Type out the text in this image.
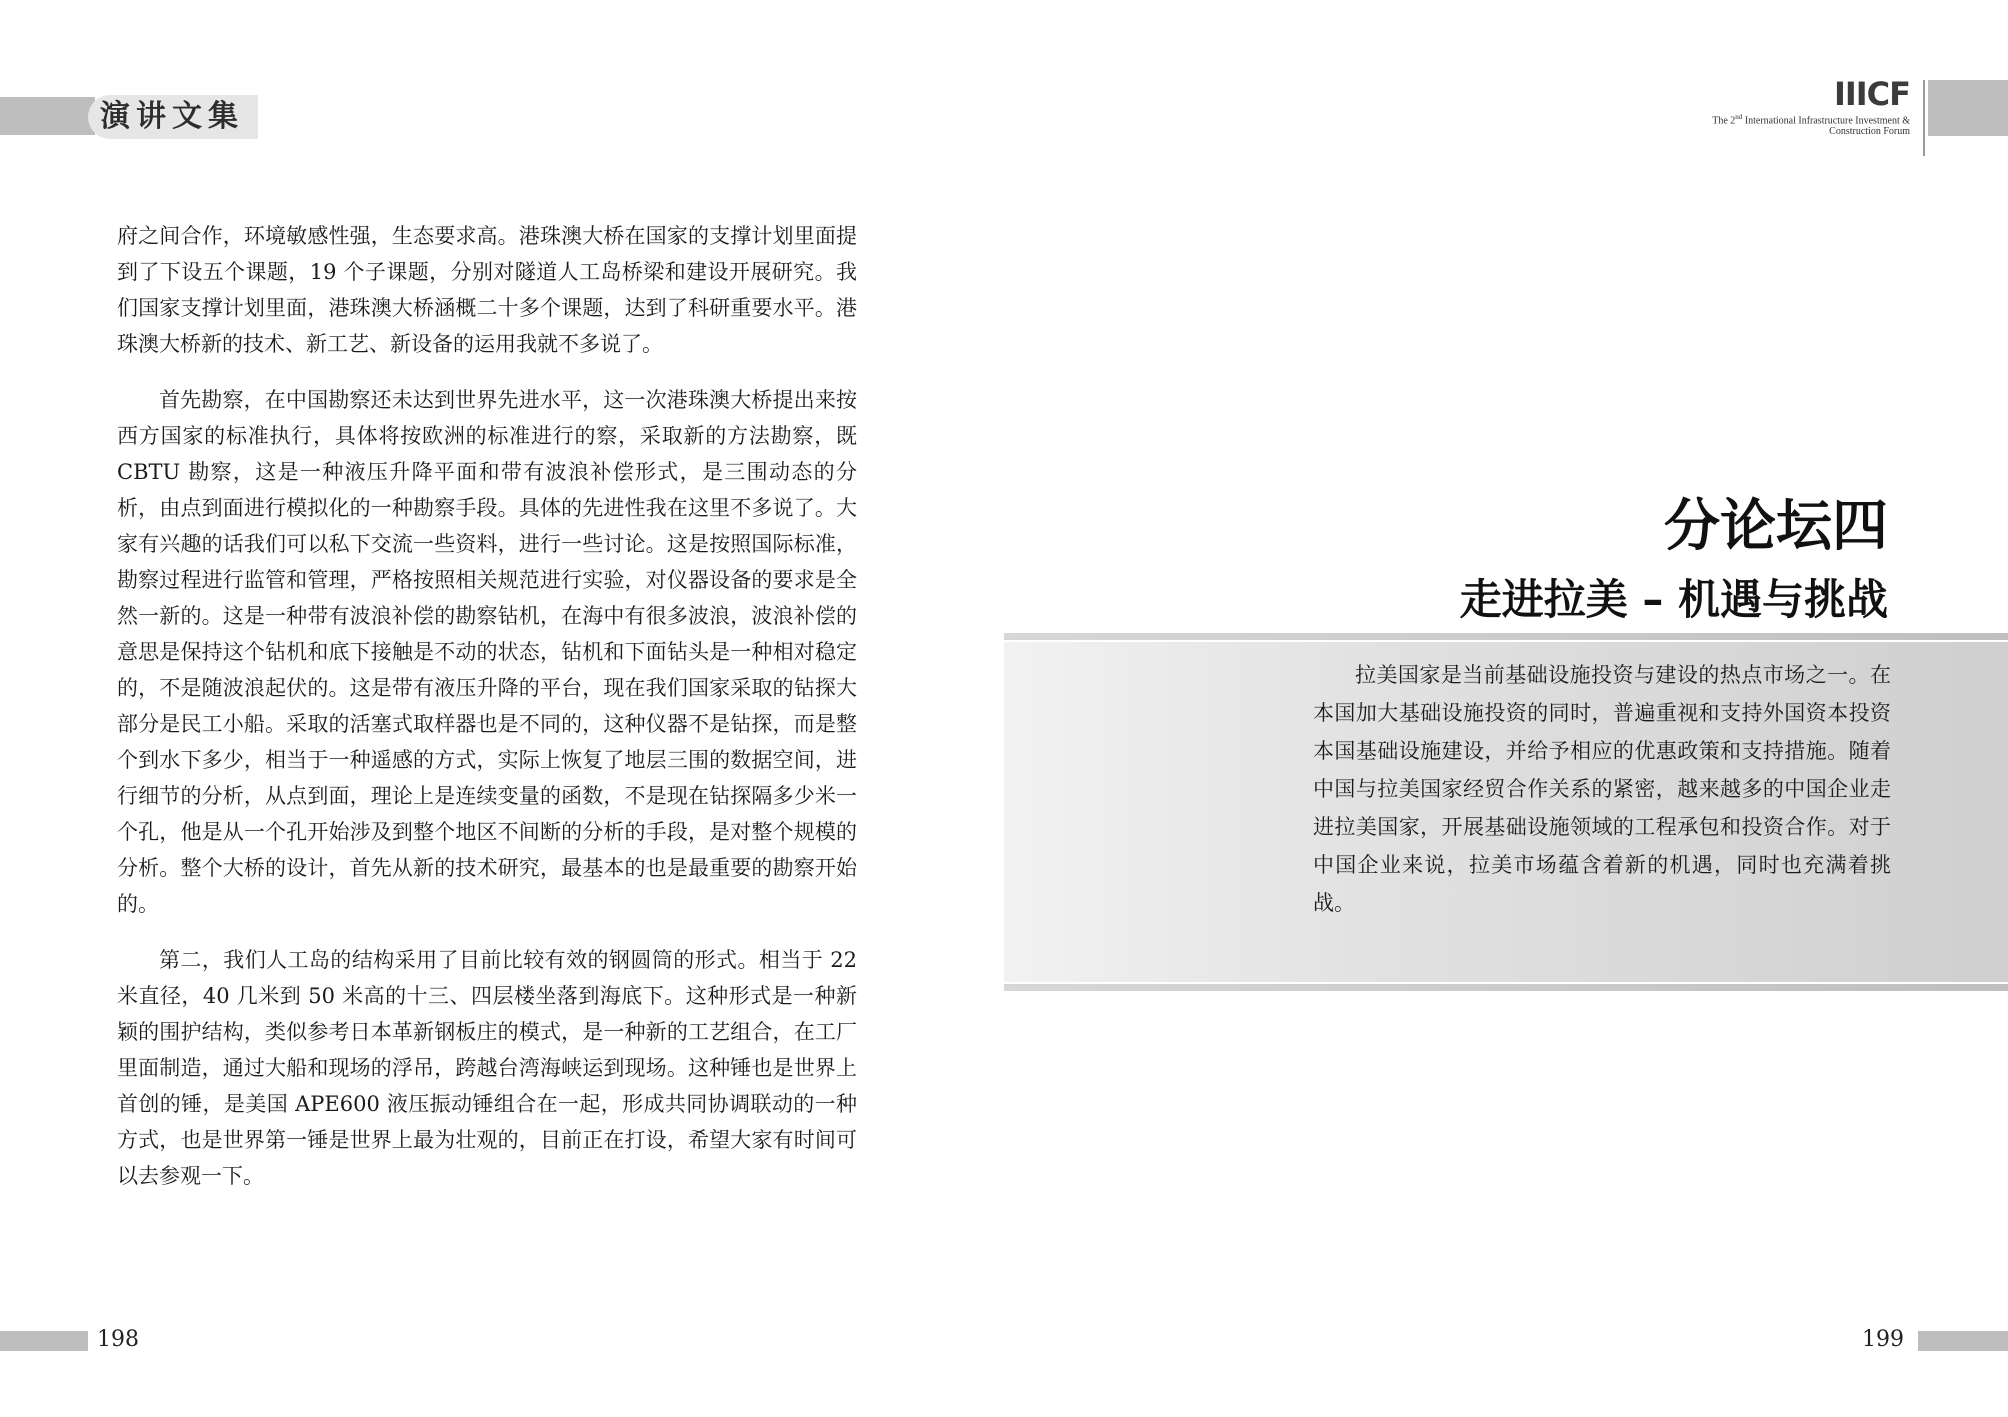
演讲文集
IIICF
The 2nd International Infrastructure Investment &
Construction Forum

府之间合作，环境敏感性强，生态要求高。港珠澳大桥在国家的支撑计划里面提到了下设五个课题，19 个子课题，分别对隧道人工岛桥梁和建设开展研究。我们国家支撑计划里面，港珠澳大桥涵概二十多个课题，达到了科研重要水平。港珠澳大桥新的技术、新工艺、新设备的运用我就不多说了。

首先勘察，在中国勘察还未达到世界先进水平，这一次港珠澳大桥提出来按西方国家的标准执行，具体将按欧洲的标准进行的察，采取新的方法勘察，既 CBTU 勘察，这是一种液压升降平面和带有波浪补偿形式，是三围动态的分析，由点到面进行模拟化的一种勘察手段。具体的先进性我在这里不多说了。大家有兴趣的话我们可以私下交流一些资料，进行一些讨论。这是按照国际标准，勘察过程进行监管和管理，严格按照相关规范进行实验，对仪器设备的要求是全然一新的。这是一种带有波浪补偿的勘察钻机，在海中有很多波浪，波浪补偿的意思是保持这个钻机和底下接触是不动的状态，钻机和下面钻头是一种相对稳定的，不是随波浪起伏的。这是带有液压升降的平台，现在我们国家采取的钻探大部分是民工小船。采取的活塞式取样器也是不同的，这种仪器不是钻探，而是整个到水下多少，相当于一种遥感的方式，实际上恢复了地层三围的数据空间，进行细节的分析，从点到面，理论上是连续变量的函数，不是现在钻探隔多少米一个孔，他是从一个孔开始涉及到整个地区不间断的分析的手段，是对整个规模的分析。整个大桥的设计，首先从新的技术研究，最基本的也是最重要的勘察开始的。

第二，我们人工岛的结构采用了目前比较有效的钢圆筒的形式。相当于 22 米直径，40 几米到 50 米高的十三、四层楼坐落到海底下。这种形式是一种新颖的围护结构，类似参考日本革新钢板庄的模式，是一种新的工艺组合，在工厂里面制造，通过大船和现场的浮吊，跨越台湾海峡运到现场。这种锤也是世界上首创的锤，是美国 APE600 液压振动锤组合在一起，形成共同协调联动的一种方式，也是世界第一锤是世界上最为壮观的，目前正在打设，希望大家有时间可以去参观一下。

分论坛四
走进拉美 – 机遇与挑战

拉美国家是当前基础设施投资与建设的热点市场之一。在本国加大基础设施投资的同时，普遍重视和支持外国资本投资本国基础设施建设，并给予相应的优惠政策和支持措施。随着中国与拉美国家经贸合作关系的紧密，越来越多的中国企业走进拉美国家，开展基础设施领域的工程承包和投资合作。对于中国企业来说，拉美市场蕴含着新的机遇，同时也充满着挑战。

198	199
